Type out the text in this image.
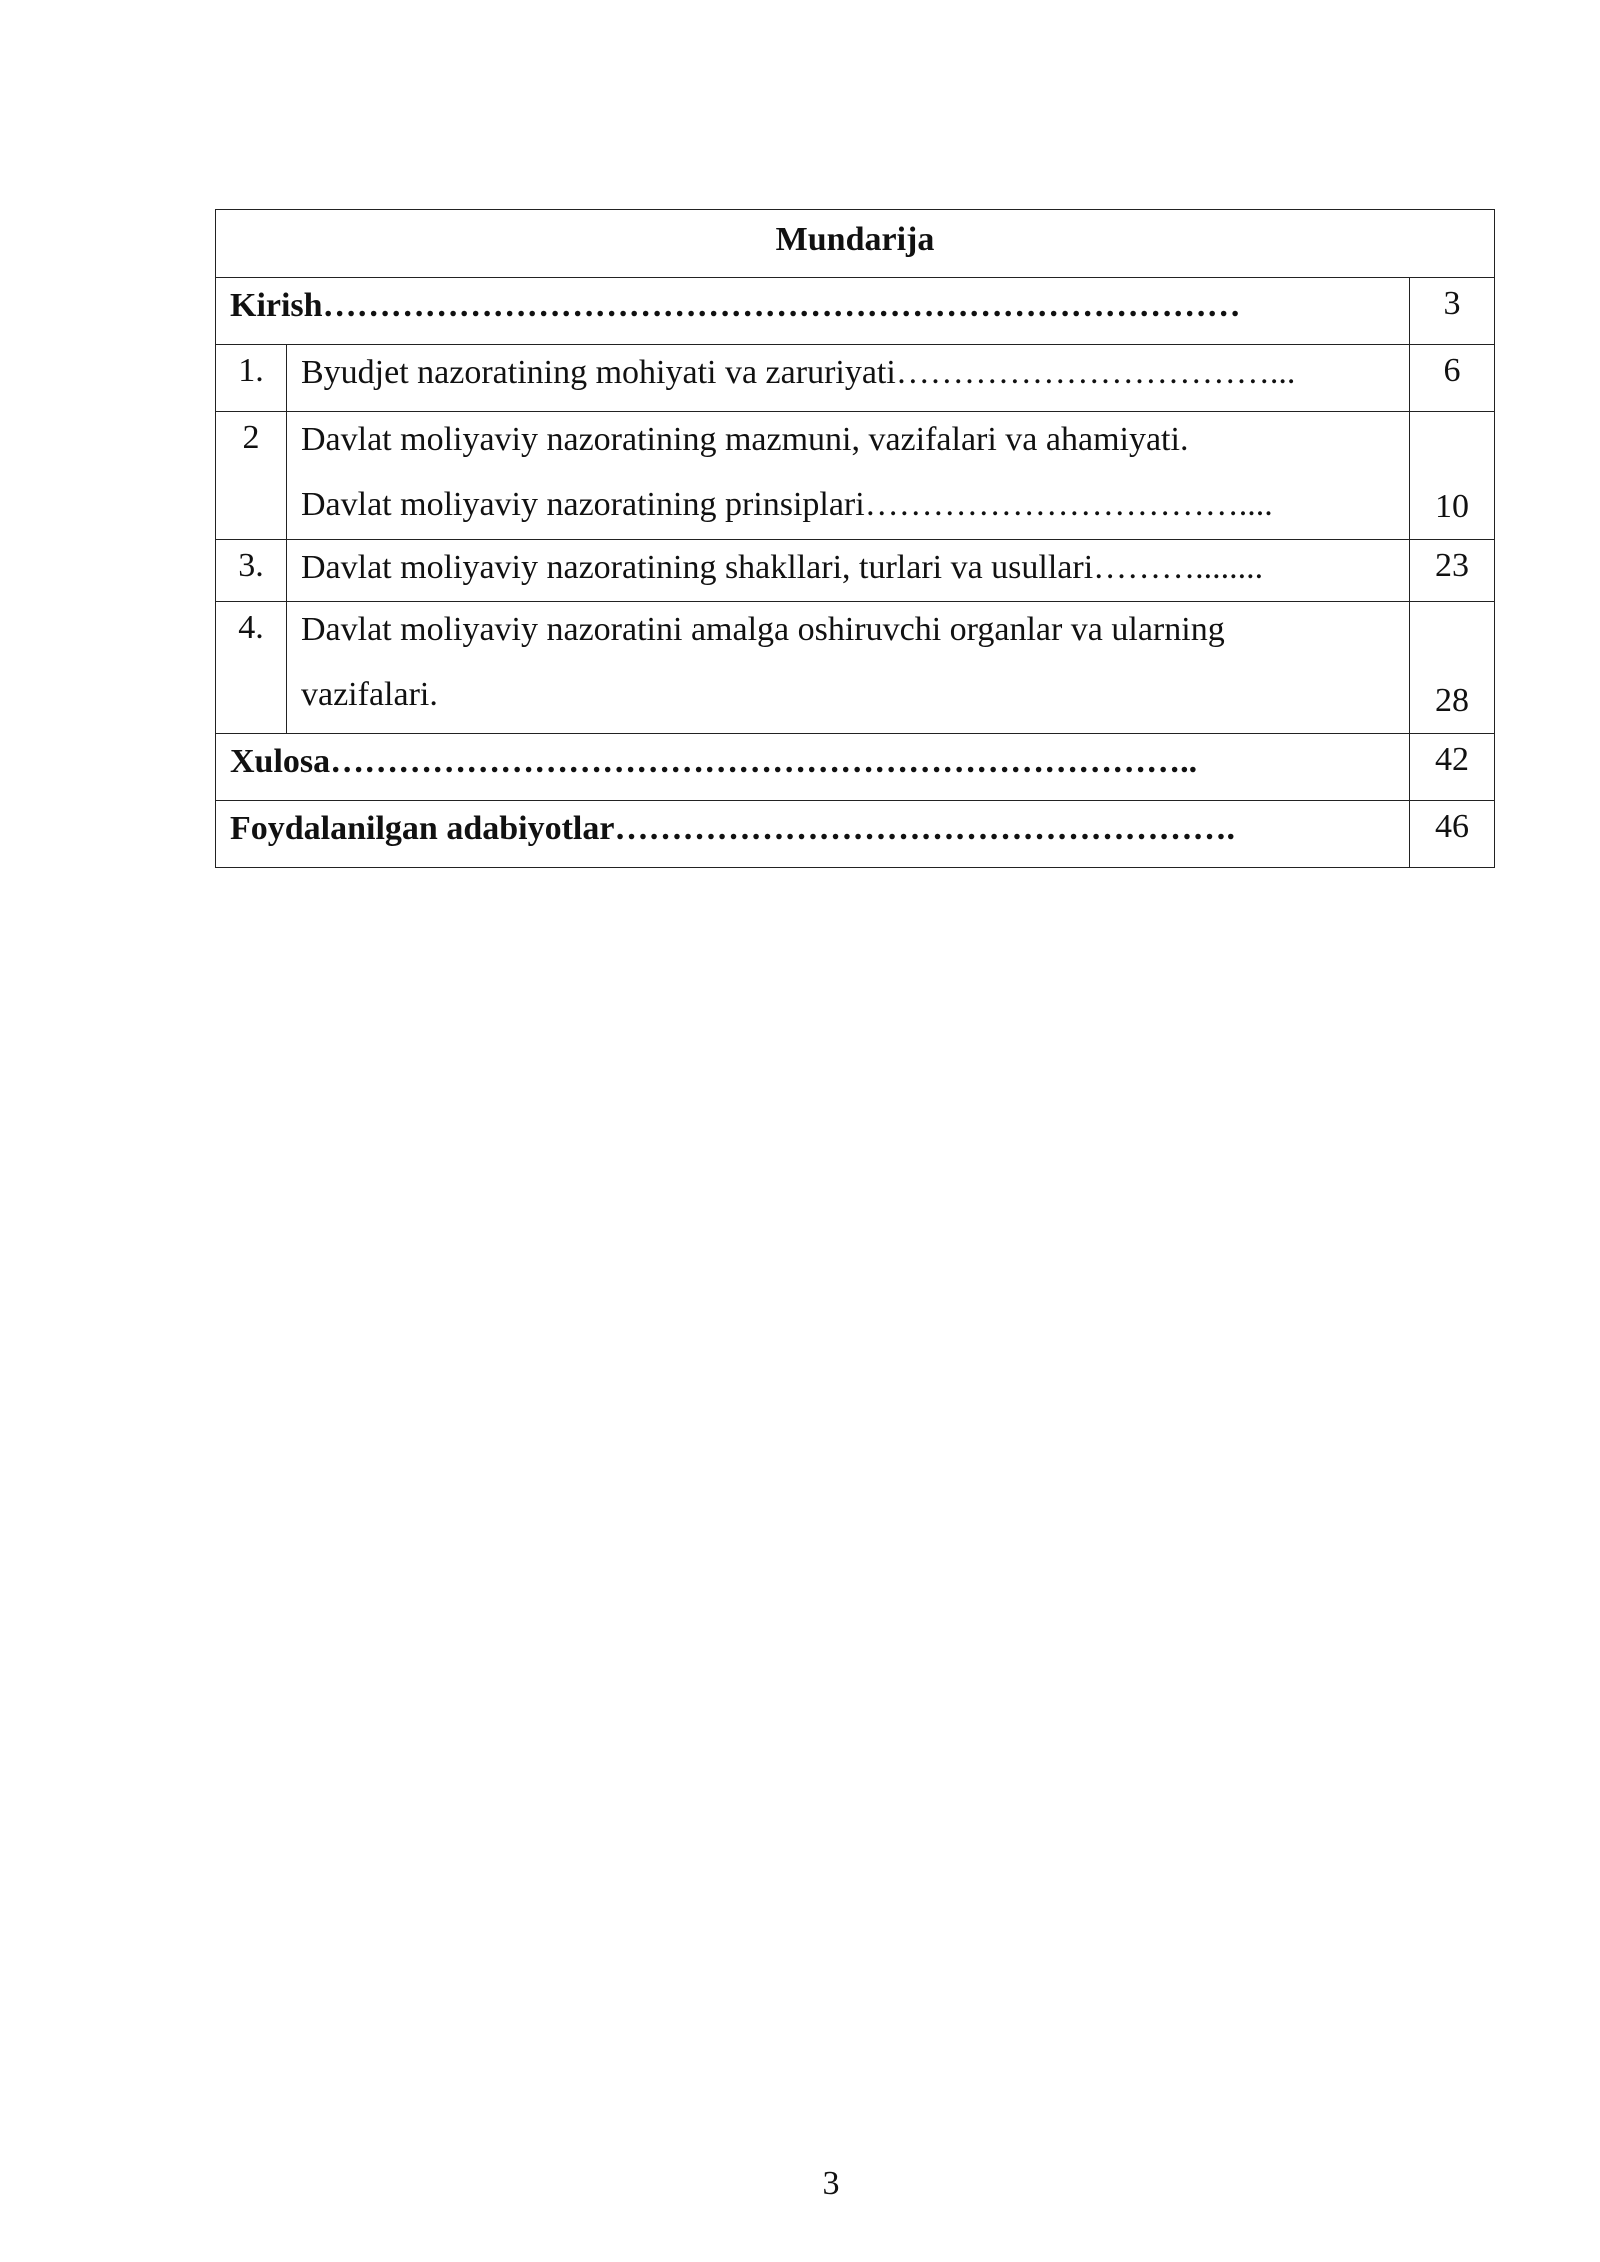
Mundarija		
Kirish………………………………………………………………………		3
1.	Byudjet nazoratining mohiyati va zaruriyati……………………………...	6
2	Davlat moliyaviy nazoratining mazmuni, vazifalari va ahamiyati.
Davlat moliyaviy nazoratining prinsiplari……………………………....	10
3.	Davlat moliyaviy nazoratining shakllari, turlari va usullari………........	23
4.	Davlat moliyaviy nazoratini amalga oshiruvchi organlar va ularning
vazifalari.	28
Xulosa…………………………………………………………………..		42
Foydalanilgan adabiyotlar……………………………………………….		46
3
